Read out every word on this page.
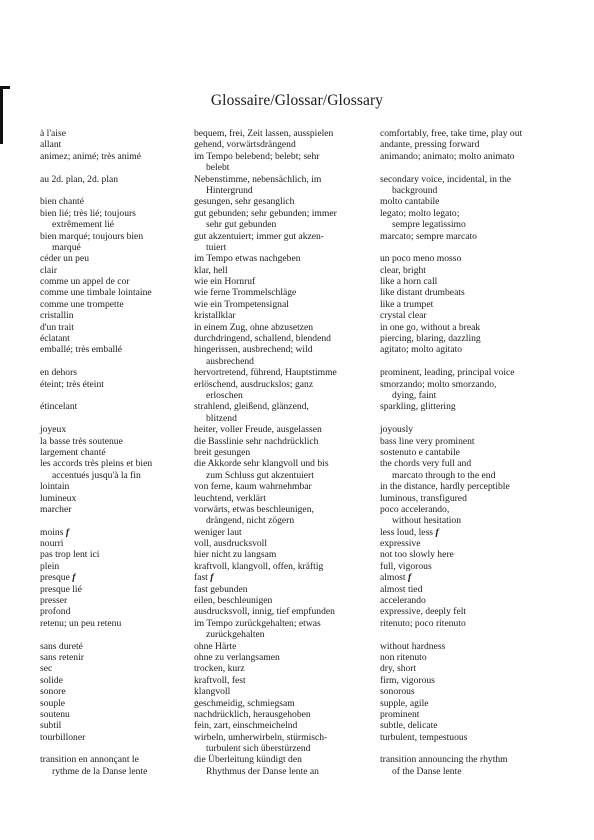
Glossaire/Glossar/Glossary
à l'aise
allant
animez; animé; très animé
au 2d. plan, 2d. plan
bien chanté
bien lié; très lié; toujours
extrêmement lié
bien marqué; toujours bien
marqué
céder un peu
clair
comme un appel de cor
comme une timbale lointaine
comme une trompette
cristallin
d'un trait
éclatant
emballé; très emballé
en dehors
éteint; très éteint
étincelant
joyeux
la basse très soutenue
largement chanté
les accords très pleins et bien
accentués jusqu'à la fin
lointain
lumineux
marcher
moins f
nourri
pas trop lent ici
plein
presque f
presque lié
presser
profond
retenu; un peu retenu
sans dureté
sans retenir
sec
solide
sonore
souple
soutenu
subtil
tourbilloner
transition en annonçant le
rythme de la Danse lente
bequem, frei, Zeit lassen, ausspielen
gehend, vorwärtsdrängend
im Tempo belebend; belebt; sehr
belebt
Nebenstimme, nebensächlich, im
Hintergrund
gesungen, sehr gesanglich
gut gebunden; sehr gebunden; immer
sehr gut gebunden
gut akzentuiert; immer gut akzen-
tuiert
im Tempo etwas nachgeben
klar, hell
wie ein Hornruf
wie ferne Trommelschläge
wie ein Trompetensignal
kristallklar
in einem Zug, ohne abzusetzen
durchdringend, schallend, blendend
hingerissen, ausbrechend; wild
ausbrechend
hervortretend, führend, Hauptstimme
erlöschend, ausdruckslos; ganz
erloschen
strahlend, gleißend, glänzend,
blitzend
heiter, voller Freude, ausgelassen
die Basslinie sehr nachdrücklich
breit gesungen
die Akkorde sehr klangvoll und bis
zum Schluss gut akzentuiert
von ferne, kaum wahrnehmbar
leuchtend, verklärt
vorwärts, etwas beschleunigen,
drängend, nicht zögern
weniger laut
voll, ausdrucksvoll
hier nicht zu langsam
kraftvoll, klangvoll, offen, kräftig
fast f
fast gebunden
eilen, beschleunigen
ausdrucksvoll, innig, tief empfunden
im Tempo zurückgehalten; etwas
zurückgehalten
ohne Härte
ohne zu verlangsamen
trocken, kurz
kraftvoll, fest
klangvoll
geschmeidig, schmiegsam
nachdrücklich, herausgehoben
fein, zart, einschmeichelnd
wirbeln, umherwirbeln, stürmisch-
turbulent sich überstürzend
die Überleitung kündigt den
Rhythmus der Danse lente an
comfortably, free, take time, play out
andante, pressing forward
animando; animato; molto animato
secondary voice, incidental, in the
background
molto cantabile
legato; molto legato;
sempre legatissimo
marcato; sempre marcato
un poco meno mosso
clear, bright
like a horn call
like distant drumbeats
like a trumpet
crystal clear
in one go, without a break
piercing, blaring, dazzling
agitato; molto agitato
prominent, leading, principal voice
smorzando; molto smorzando,
dying, faint
sparkling, glittering
joyously
bass line very prominent
sostenuto e cantabile
the chords very full and
marcato through to the end
in the distance, hardly perceptible
luminous, transfigured
poco accelerando,
without hesitation
less loud, less f
expressive
not too slowly here
full, vigorous
almost f
almost tied
accelerando
expressive, deeply felt
ritenuto; poco ritenuto
without hardness
non ritenuto
dry, short
firm, vigorous
sonorous
supple, agile
prominent
subtle, delicate
turbulent, tempestuous
transition announcing the rhythm
of the Danse lente
